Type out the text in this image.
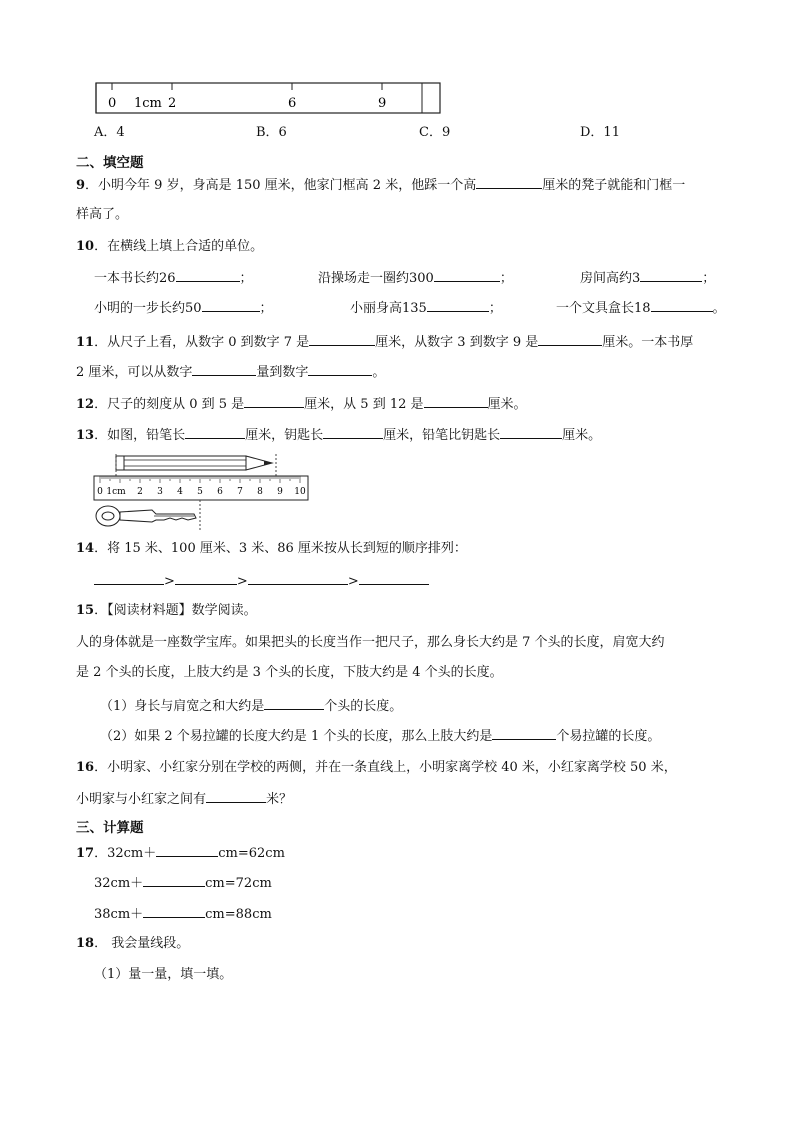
0 1cm 2	6	9
A．4	B．6	C．9	D．11
二、填空题
9．小明今年 9 岁，身高是 150 厘米，他家门框高 2 米，他踩一个高	厘米的凳子就能和门框一
样高了。
10．在横线上填上合适的单位。
一本书长约26	；	沿操场走一圈约300	；	房间高约3	；
小明的一步长约50	；	小丽身高135	；	一个文具盒长18	。
11．从尺子上看，从数字 0 到数字 7 是	厘米，从数字 3 到数字 9 是	厘米。一本书厚
2 厘米，可以从数字	量到数字	。
12．尺子的刻度从 0 到 5 是	厘米，从 5 到 12 是	厘米。
13．如图，铅笔长	厘米，钥匙长	厘米，铅笔比钥匙长	厘米。
0 1cm 2 3 4 5 6 7 8 9 10
14．将 15 米、100 厘米、3 米、86 厘米按从长到短的顺序排列：
>	>	>
15．【阅读材料题】数学阅读。
人的身体就是一座数学宝库。如果把头的长度当作一把尺子，那么身长大约是 7 个头的长度，肩宽大约
是 2 个头的长度，上肢大约是 3 个头的长度，下肢大约是 4 个头的长度。
（1）身长与肩宽之和大约是	个头的长度。
（2）如果 2 个易拉罐的长度大约是 1 个头的长度，那么上肢大约是	个易拉罐的长度。
16．小明家、小红家分别在学校的两侧，并在一条直线上，小明家离学校 40 米，小红家离学校 50 米，
小明家与小红家之间有	米？
三、计算题
17．32cm＋	cm=62cm
32cm＋	cm=72cm
38cm＋	cm=88cm
18． 我会量线段。
（1）量一量，填一填。
